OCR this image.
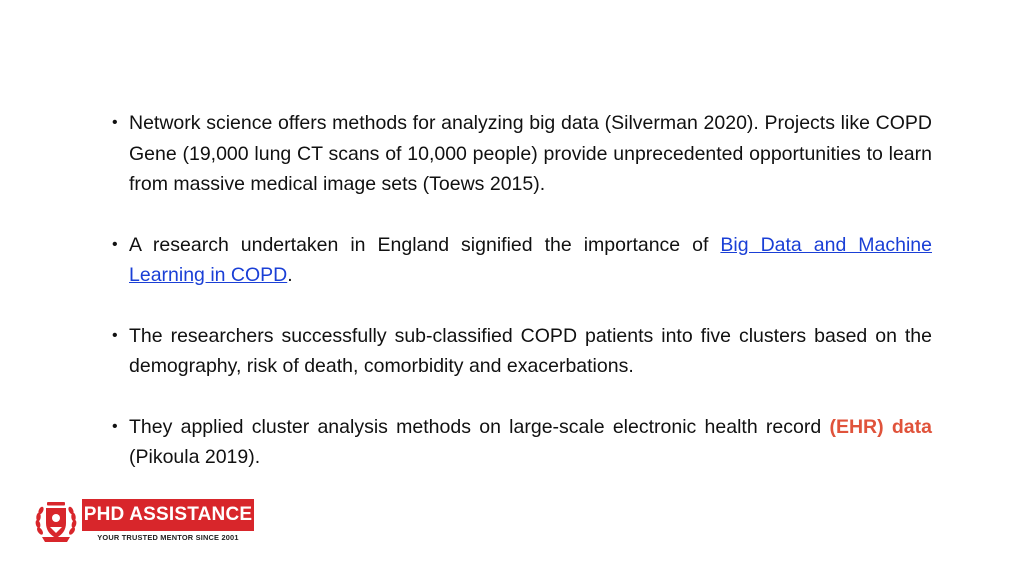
• Network science offers methods for analyzing big data (Silverman 2020). Projects like COPD Gene (19,000 lung CT scans of 10,000 people) provide unprecedented opportunities to learn from massive medical image sets (Toews 2015).
• A research undertaken in England signified the importance of Big Data and Machine Learning in COPD.
• The researchers successfully sub-classified COPD patients into five clusters based on the demography, risk of death, comorbidity and exacerbations.
• They applied cluster analysis methods on large-scale electronic health record (EHR) data (Pikoula 2019).
PHD ASSISTANCE
YOUR TRUSTED MENTOR SINCE 2001
